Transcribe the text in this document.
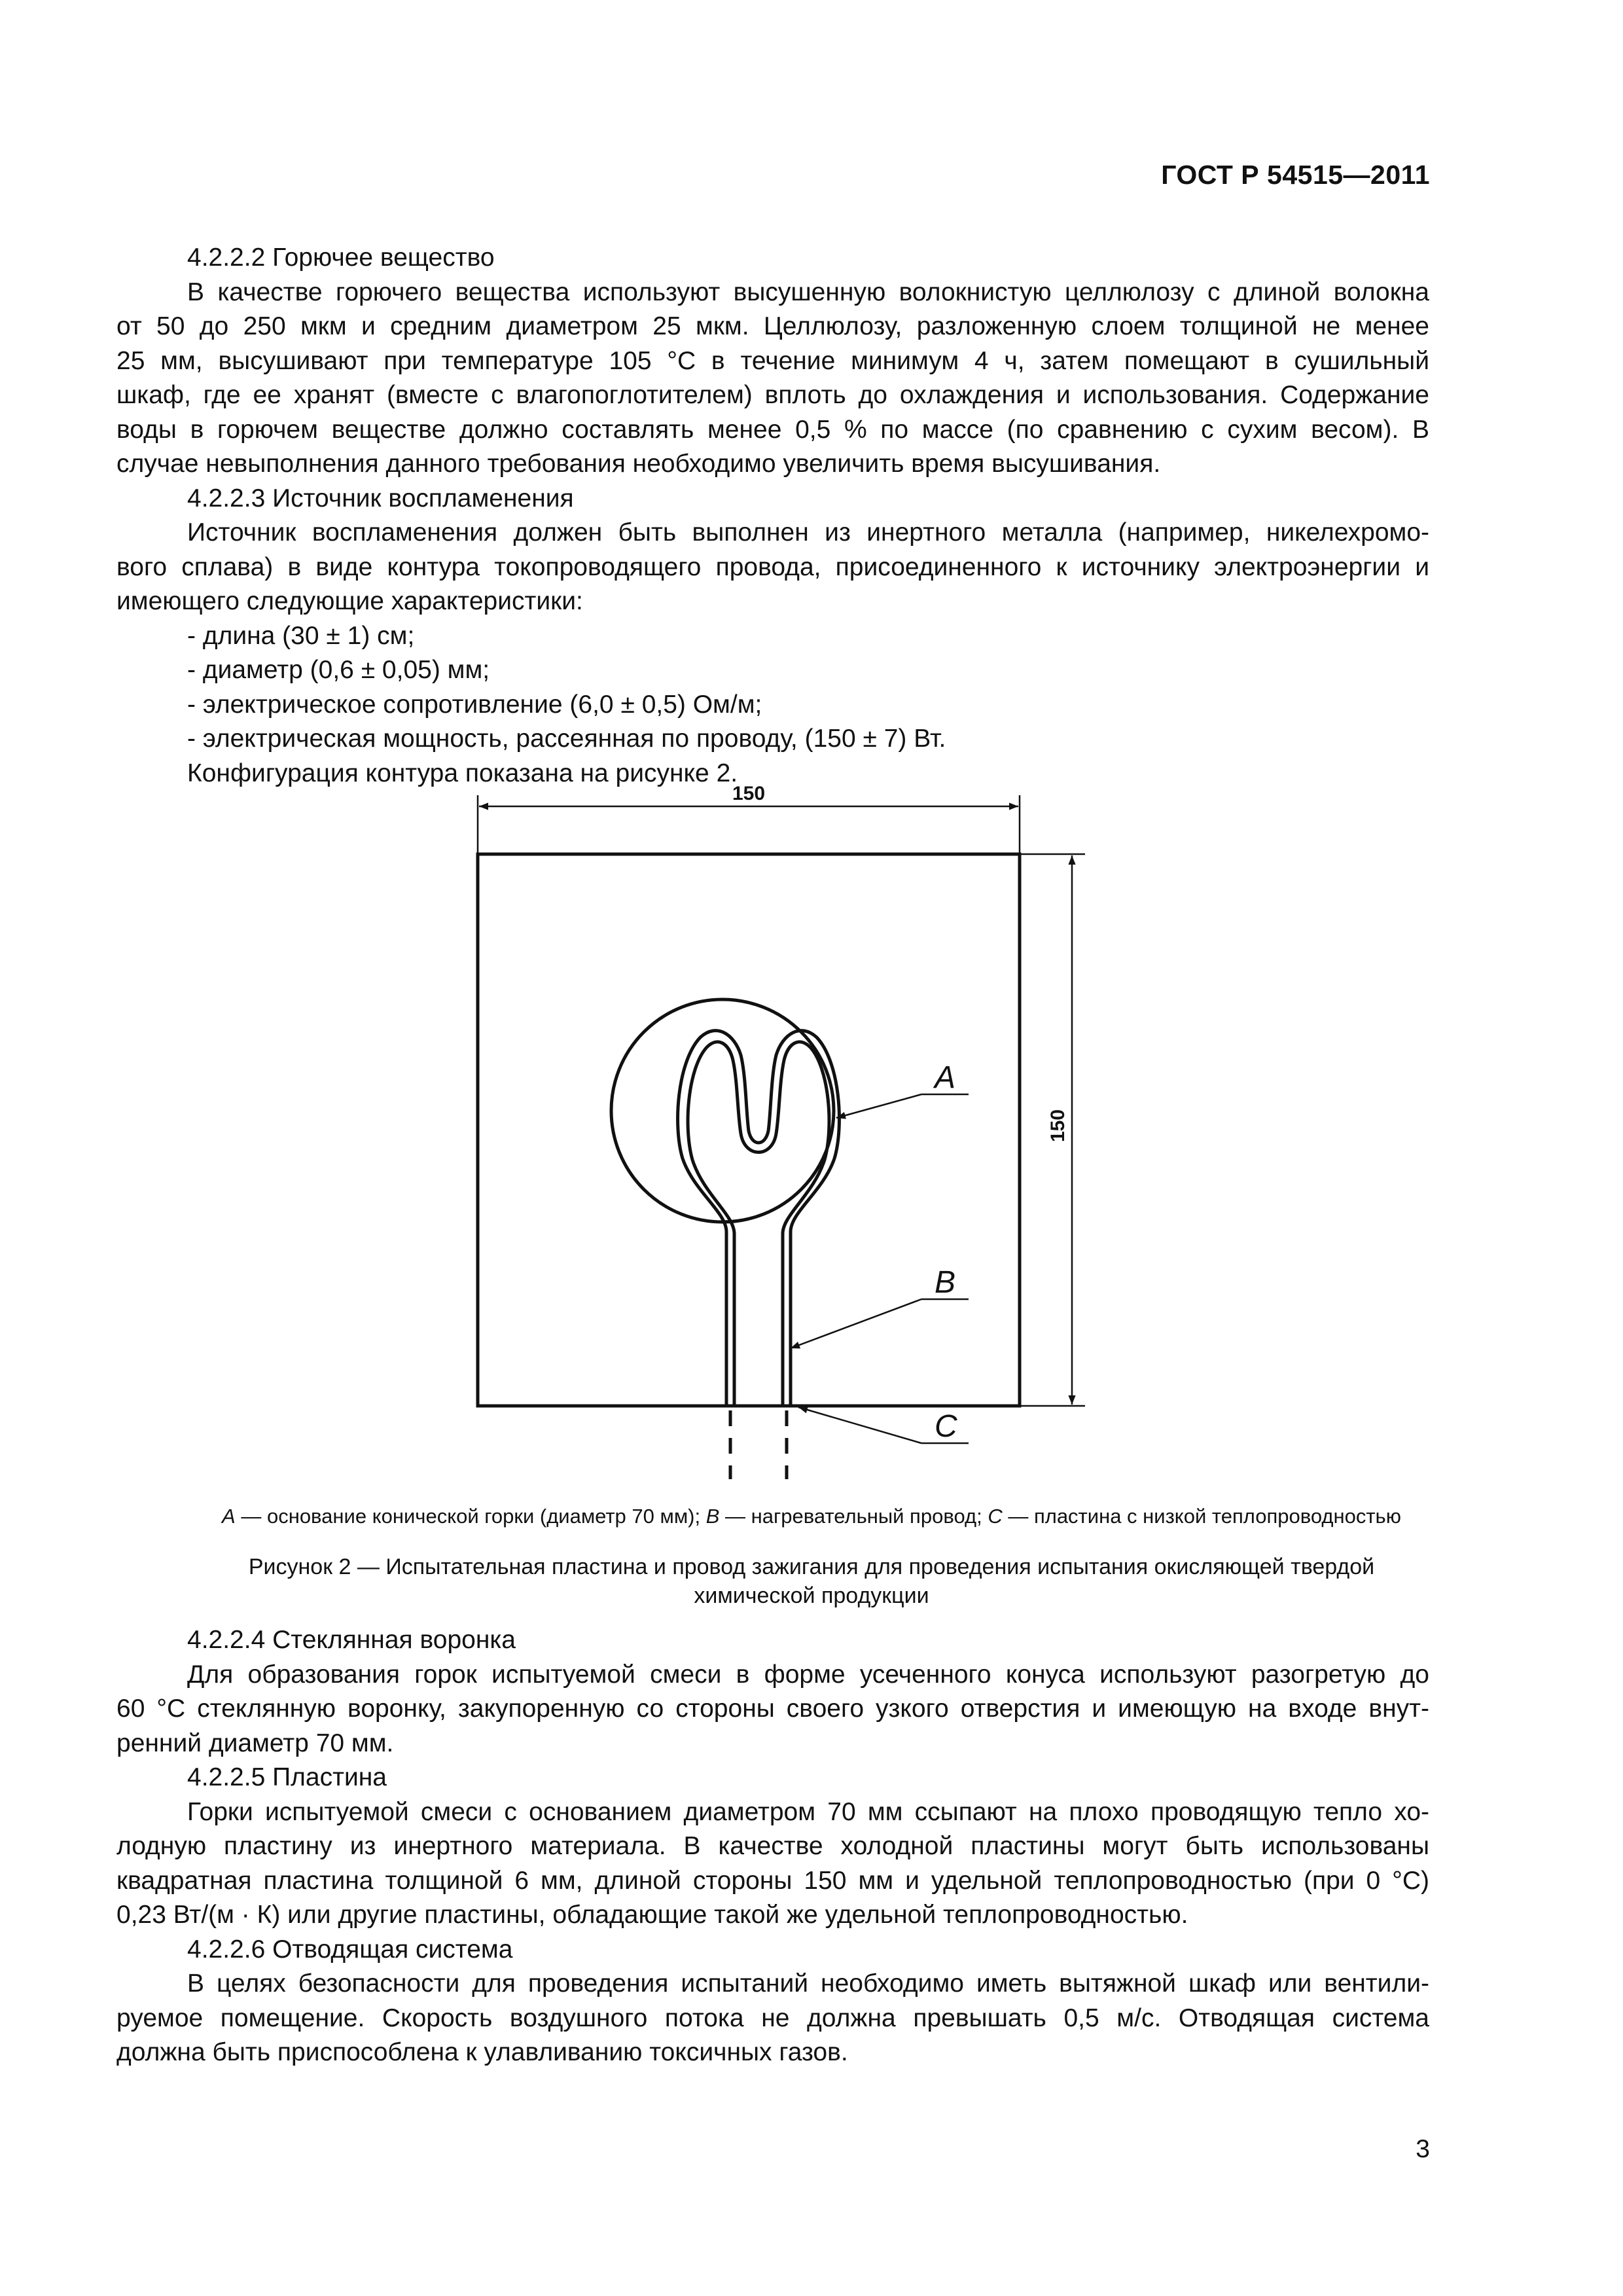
ГОСТ Р 54515—2011

4.2.2.2 Горючее вещество

В качестве горючего вещества используют высушенную волокнистую целлюлозу с длиной волокна

от 50 до 250 мкм и средним диаметром 25 мкм. Целлюлозу, разложенную слоем толщиной не менее

25 мм, высушивают при температуре 105 °С в течение минимум 4 ч, затем помещают в сушильный

шкаф, где ее хранят (вместе с влагопоглотителем) вплоть до охлаждения и использования. Содержание

воды в горючем веществе должно составлять менее 0,5 % по массе (по сравнению с сухим весом). В

случае невыполнения данного требования необходимо увеличить время высушивания.

4.2.2.3 Источник воспламенения

Источник воспламенения должен быть выполнен из инертного металла (например, никелехромо-

вого сплава) в виде контура токопроводящего провода, присоединенного к источнику электроэнергии и

имеющего следующие характеристики:

- длина (30 ± 1) см;

- диаметр (0,6 ± 0,05) мм;

- электрическое сопротивление (6,0 ± 0,5) Ом/м;

- электрическая мощность, рассеянная по проводу, (150 ± 7) Вт.

Конфигурация контура показана на рисунке 2.

150
150
А
В
С
А — основание конической горки (диаметр 70 мм); В — нагревательный провод; С — пластина с низкой теплопроводностью
Рисунок 2 — Испытательная пластина и провод зажигания для проведения испытания окисляющей твердой
химической продукции

4.2.2.4 Стеклянная воронка

Для образования горок испытуемой смеси в форме усеченного конуса используют разогретую до

60 °С стеклянную воронку, закупоренную со стороны своего узкого отверстия и имеющую на входе внут-

ренний диаметр 70 мм.

4.2.2.5 Пластина

Горки испытуемой смеси с основанием диаметром 70 мм ссыпают на плохо проводящую тепло хо-

лодную пластину из инертного материала. В качестве холодной пластины могут быть использованы

квадратная пластина толщиной 6 мм, длиной стороны 150 мм и удельной теплопроводностью (при 0 °С)

0,23 Вт/(м · К) или другие пластины, обладающие такой же удельной теплопроводностью.

4.2.2.6 Отводящая система

В целях безопасности для проведения испытаний необходимо иметь вытяжной шкаф или вентили-

руемое помещение. Скорость воздушного потока не должна превышать 0,5 м/с. Отводящая система

должна быть приспособлена к улавливанию токсичных газов.

3
